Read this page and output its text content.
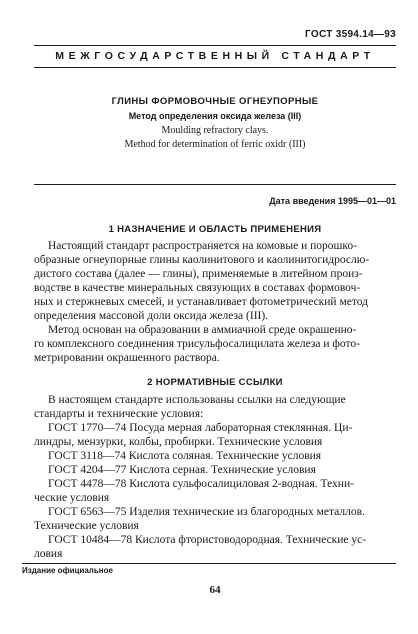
ГОСТ 3594.14—93
МЕЖГОСУДАРСТВЕННЫЙ СТАНДАРТ
ГЛИНЫ ФОРМОВОЧНЫЕ ОГНЕУПОРНЫЕ
Метод определения оксида железа (III)
Moulding refractory clays.
Method for determination of ferric oxidr (III)
Дата введения 1995—01—01
1 НАЗНАЧЕНИЕ И ОБЛАСТЬ ПРИМЕНЕНИЯ
Настоящий стандарт распространяется на комовые и порошко-
образные огнеупорные глины каолинитового и каолинитогидрослю-
дистого состава (далее — глины), применяемые в литейном произ-
водстве в качестве минеральных связующих в составах формовоч-
ных и стержневых смесей, и устанавливает фотометрический метод
определения массовой доли оксида железа (III).
Метод основан на образовании в аммиачной среде окрашенно-
го комплексного соединения трисульфосалицилата железа и фото-
метрировании окрашенного раствора.
2 НОРМАТИВНЫЕ ССЫЛКИ
В настоящем стандарте использованы ссылки на следующие
стандарты и технические условия:
ГОСТ 1770—74 Посуда мерная лабораторная стеклянная. Ци-
линдры, мензурки, колбы, пробирки. Технические условия
ГОСТ 3118—74 Кислота соляная. Технические условия
ГОСТ 4204—77 Кислота серная. Технические условия
ГОСТ 4478—78 Кислота сульфосалициловая 2-водная. Техни-
ческие условия
ГОСТ 6563—75 Изделия технические из благородных металлов.
Технические условия
ГОСТ 10484—78 Кислота фтористоводородная. Технические ус-
ловия
Издание официальное
64
